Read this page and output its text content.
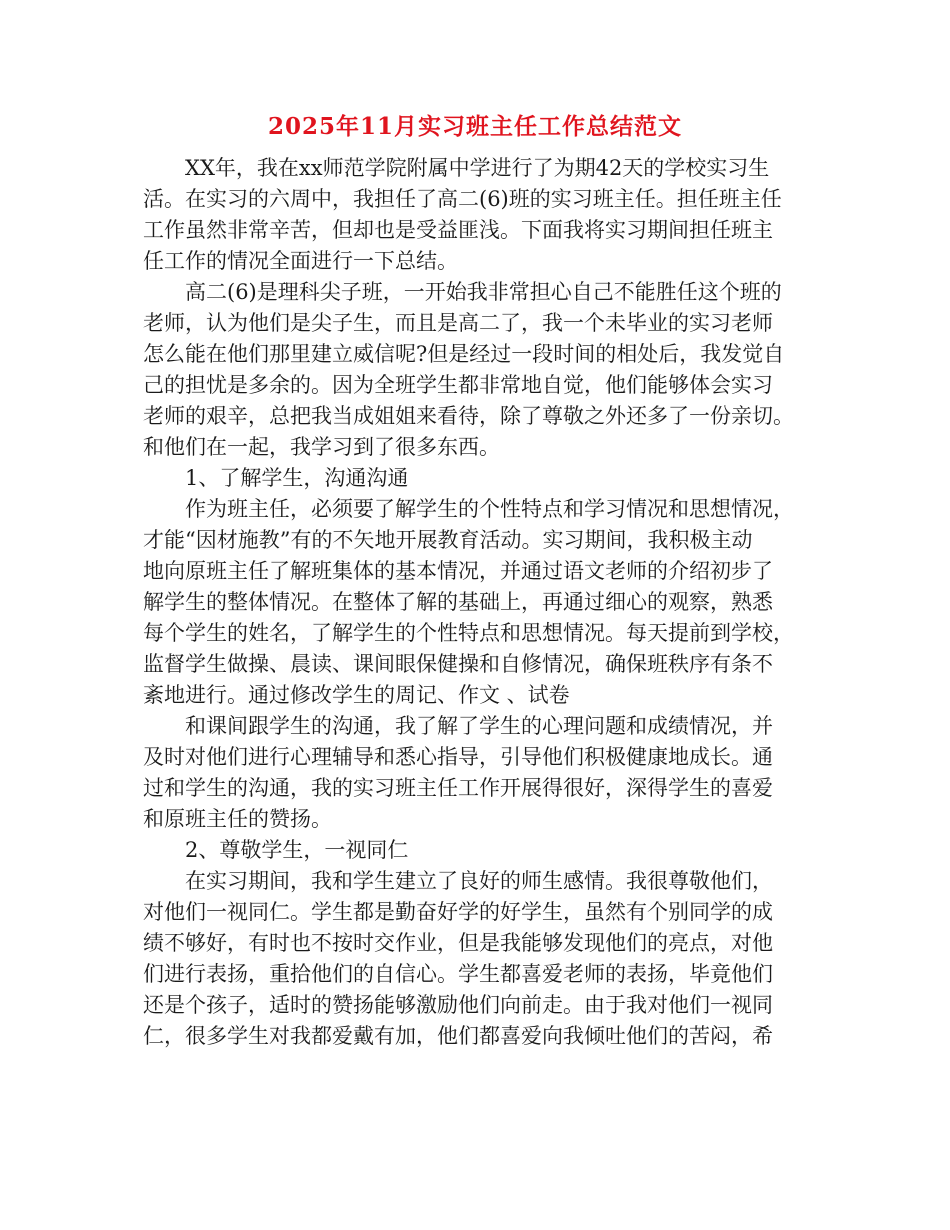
2025年11月实习班主任工作总结范文
XX年，我在xx师范学院附属中学进行了为期42天的学校实习生
活。在实习的六周中，我担任了高二(6)班的实习班主任。担任班主任
工作虽然非常辛苦，但却也是受益匪浅。下面我将实习期间担任班主
任工作的情况全面进行一下总结。
高二(6)是理科尖子班，一开始我非常担心自己不能胜任这个班的
老师，认为他们是尖子生，而且是高二了，我一个未毕业的实习老师
怎么能在他们那里建立威信呢?但是经过一段时间的相处后，我发觉自
己的担忧是多余的。因为全班学生都非常地自觉，他们能够体会实习
老师的艰辛，总把我当成姐姐来看待，除了尊敬之外还多了一份亲切。
和他们在一起，我学习到了很多东西。
1、了解学生，沟通沟通
作为班主任，必须要了解学生的个性特点和学习情况和思想情况，
才能“因材施教”有的不矢地开展教育活动。实习期间，我积极主动
地向原班主任了解班集体的基本情况，并通过语文老师的介绍初步了
解学生的整体情况。在整体了解的基础上，再通过细心的观察，熟悉
每个学生的姓名，了解学生的个性特点和思想情况。每天提前到学校，
监督学生做操、晨读、课间眼保健操和自修情况，确保班秩序有条不
紊地进行。通过修改学生的周记、作文 、试卷
和课间跟学生的沟通，我了解了学生的心理问题和成绩情况，并
及时对他们进行心理辅导和悉心指导，引导他们积极健康地成长。通
过和学生的沟通，我的实习班主任工作开展得很好，深得学生的喜爱
和原班主任的赞扬。
2、尊敬学生，一视同仁
在实习期间，我和学生建立了良好的师生感情。我很尊敬他们，
对他们一视同仁。学生都是勤奋好学的好学生，虽然有个别同学的成
绩不够好，有时也不按时交作业，但是我能够发现他们的亮点，对他
们进行表扬，重拾他们的自信心。学生都喜爱老师的表扬，毕竟他们
还是个孩子，适时的赞扬能够激励他们向前走。由于我对他们一视同
仁，很多学生对我都爱戴有加，他们都喜爱向我倾吐他们的苦闷，希
